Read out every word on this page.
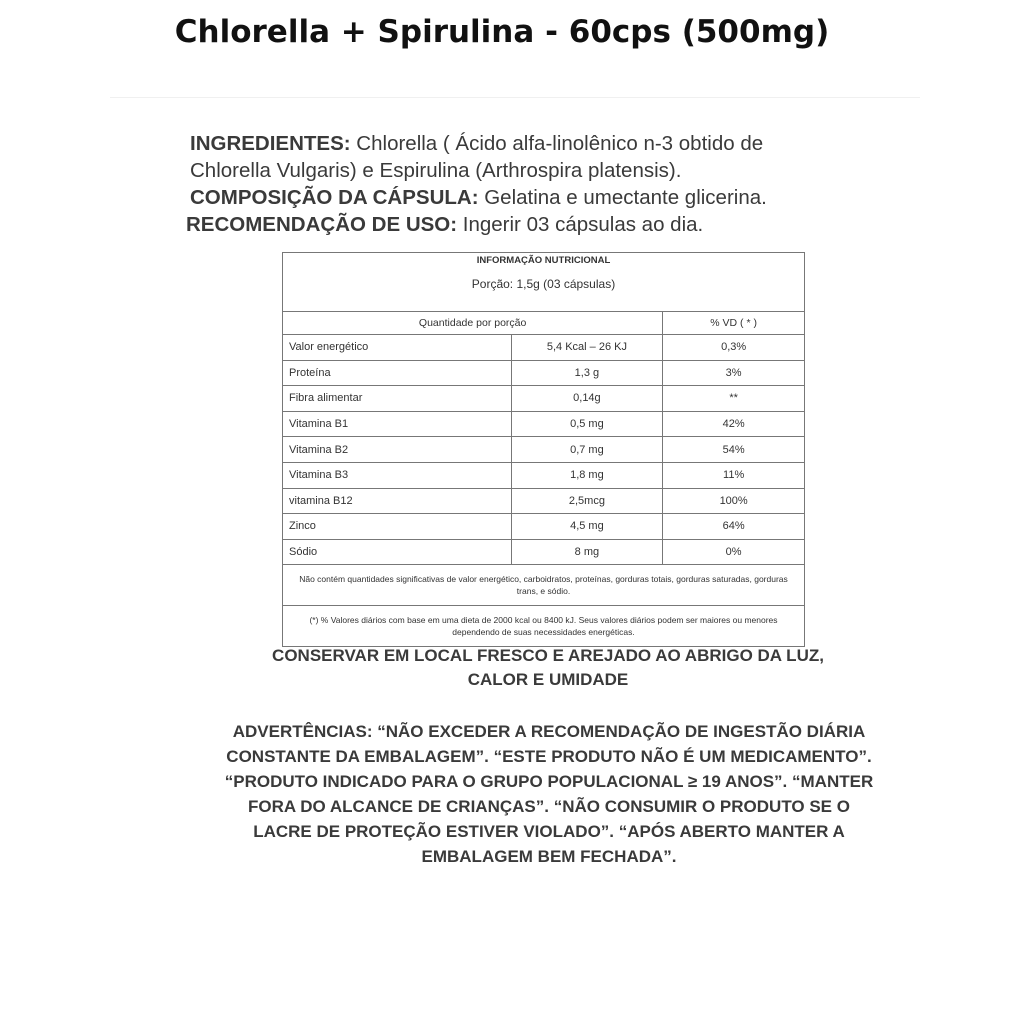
Chlorella + Spirulina - 60cps (500mg)
INGREDIENTES: Chlorella ( Ácido alfa-linolênico n-3 obtido de
Chlorella Vulgaris) e Espirulina (Arthrospira platensis).
COMPOSIÇÃO DA CÁPSULA: Gelatina e umectante glicerina.
RECOMENDAÇÃO DE USO: Ingerir 03 cápsulas ao dia.
INFORMAÇÃO NUTRICIONAL		
Porção: 1,5g (03 cápsulas)		
Quantidade por porção		% VD ( * )
Valor energético	5,4 Kcal – 26 KJ	0,3%
Proteína	1,3 g	3%
Fibra alimentar	0,14g	**
Vitamina B1	0,5 mg	42%
Vitamina B2	0,7 mg	54%
Vitamina B3	1,8 mg	11%
vitamina B12	2,5mcg	100%
Zinco	4,5 mg	64%
Sódio	8 mg	0%
Não contém quantidades significativas de valor energético, carboidratos, proteínas, gorduras totais, gorduras saturadas, gorduras trans, e sódio.		
(*) % Valores diários com base em uma dieta de 2000 kcal ou 8400 kJ. Seus valores diários podem ser maiores ou menores dependendo de suas necessidades energéticas.		
CONSERVAR EM LOCAL FRESCO E AREJADO AO ABRIGO DA LUZ,
CALOR E UMIDADE
ADVERTÊNCIAS: “NÃO EXCEDER A RECOMENDAÇÃO DE INGESTÃO DIÁRIA
CONSTANTE DA EMBALAGEM”. “ESTE PRODUTO NÃO É UM MEDICAMENTO”.
“PRODUTO INDICADO PARA O GRUPO POPULACIONAL ≥ 19 ANOS”. “MANTER
FORA DO ALCANCE DE CRIANÇAS”. “NÃO CONSUMIR O PRODUTO SE O
LACRE DE PROTEÇÃO ESTIVER VIOLADO”. “APÓS ABERTO MANTER A
EMBALAGEM BEM FECHADA”.
